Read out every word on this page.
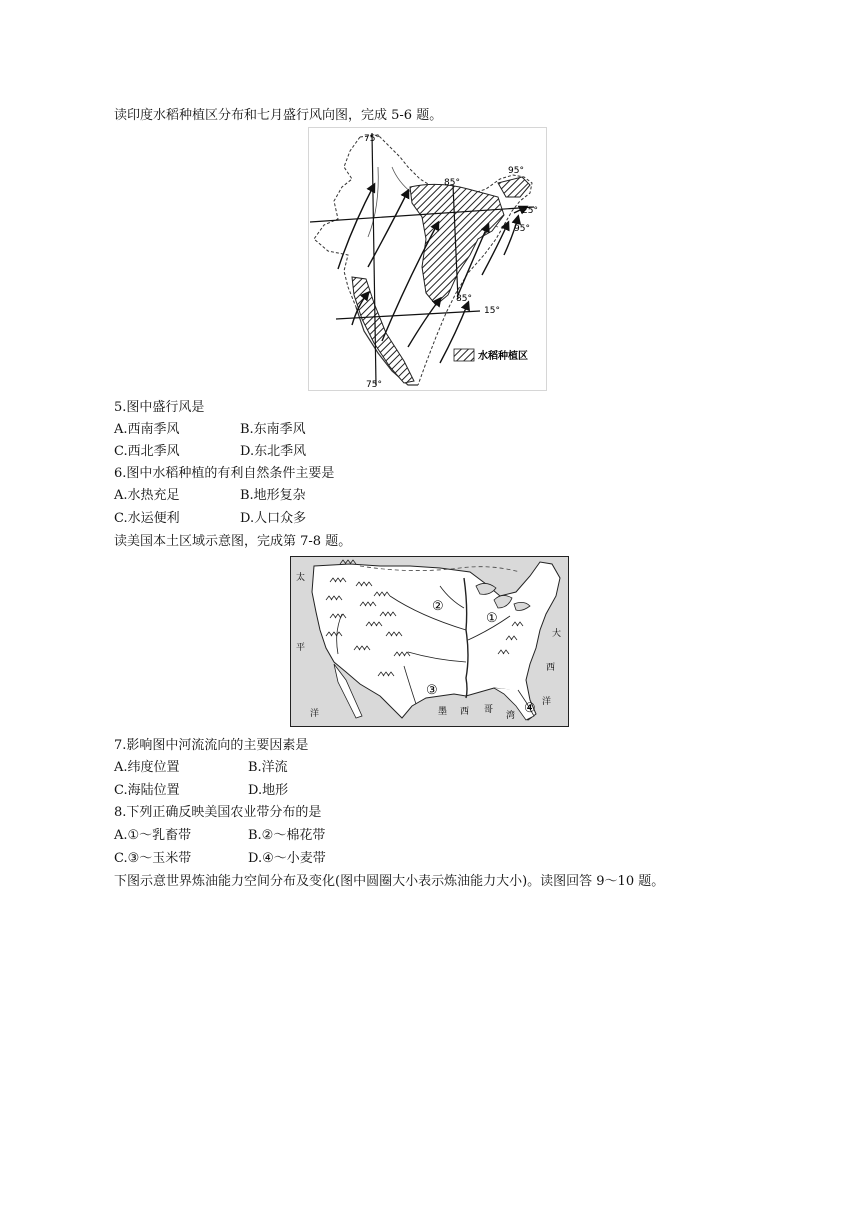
读印度水稻种植区分布和七月盛行风向图，完成 5-6 题。
75°
85°
95°
25°
95°
85°
15°
75°
水稻种植区
5.图中盛行风是
A.西南季风	B.东南季风
C.西北季风	D.东北季风
6.图中水稻种植的有利自然条件主要是
A.水热充足	B.地形复杂
C.水运便利	D.人口众多
读美国本土区域示意图，完成第 7-8 题。
太
平
洋
大
西
洋
墨 西 哥
湾
①
②
③
④
7.影响图中河流流向的主要因素是
A.纬度位置	B.洋流
C.海陆位置	D.地形
8.下列正确反映美国农业带分布的是
A.①～乳畜带	B.②～棉花带
C.③～玉米带	D.④～小麦带
下图示意世界炼油能力空间分布及变化(图中圆圈大小表示炼油能力大小)。读图回答 9～10 题。
